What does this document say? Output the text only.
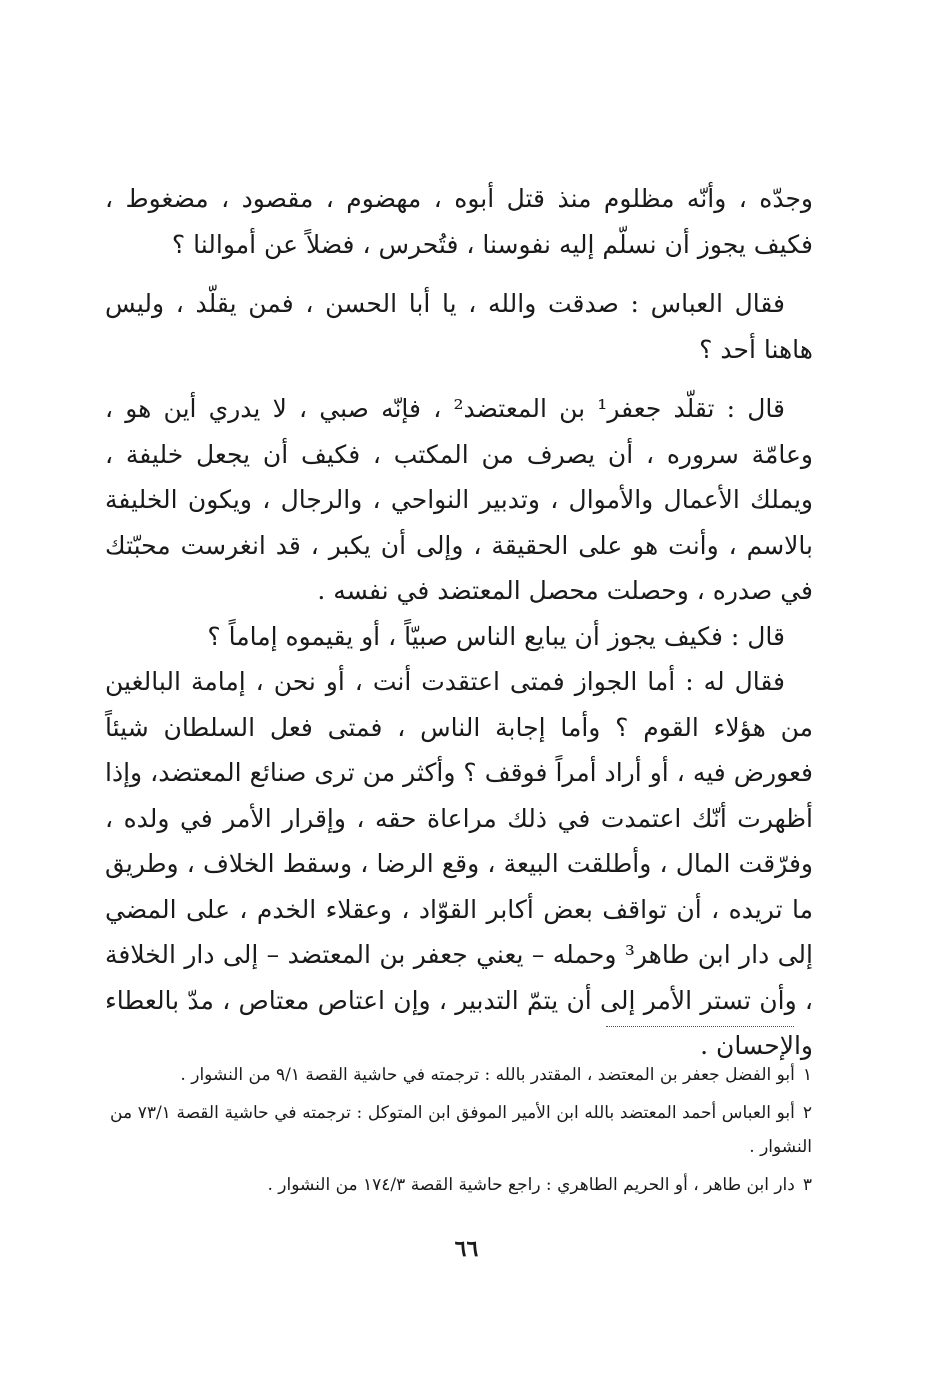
وجدّه ، وأنّه مظلوم منذ قتل أبوه ، مهضوم ، مقصود ، مضغوط ، فكيف يجوز أن نسلّم إليه نفوسنا ، فتُحرس ، فضلاً عن أموالنا ؟

فقال العباس : صدقت والله ، يا أبا الحسن ، فمن يقلّد ، وليس هاهنا أحد ؟

قال : تقلّد جعفر¹ بن المعتضد² ، فإنّه صبي ، لا يدري أين هو ، وعامّة سروره ، أن يصرف من المكتب ، فكيف أن يجعل خليفة ، ويملك الأعمال والأموال ، وتدبير النواحي ، والرجال ، ويكون الخليفة بالاسم ، وأنت هو على الحقيقة ، وإلى أن يكبر ، قد انغرست محبّتك في صدره ، وحصلت محصل المعتضد في نفسه .

قال : فكيف يجوز أن يبايع الناس صبيّاً ، أو يقيموه إماماً ؟

فقال له : أما الجواز فمتى اعتقدت أنت ، أو نحن ، إمامة البالغين من هؤلاء القوم ؟ وأما إجابة الناس ، فمتى فعل السلطان شيئاً فعورض فيه ، أو أراد أمراً فوقف ؟ وأكثر من ترى صنائع المعتضد، وإذا أظهرت أنّك اعتمدت في ذلك مراعاة حقه ، وإقرار الأمر في ولده ، وفرّقت المال ، وأطلقت البيعة ، وقع الرضا ، وسقط الخلاف ، وطريق ما تريده ، أن تواقف بعض أكابر القوّاد ، وعقلاء الخدم ، على المضي إلى دار ابن طاهر³ وحمله – يعني جعفر بن المعتضد – إلى دار الخلافة ، وأن تستر الأمر إلى أن يتمّ التدبير ، وإن اعتاص معتاص ، مدّ بالعطاء والإحسان .

١أبو الفضل جعفر بن المعتضد ، المقتدر بالله : ترجمته في حاشية القصة ٩/١ من النشوار .

٢أبو العباس أحمد المعتضد بالله ابن الأمير الموفق ابن المتوكل : ترجمته في حاشية القصة ٧٣/١ من النشوار .

٣دار ابن طاهر ، أو الحريم الطاهري : راجع حاشية القصة ١٧٤/٣ من النشوار .

٦٦
